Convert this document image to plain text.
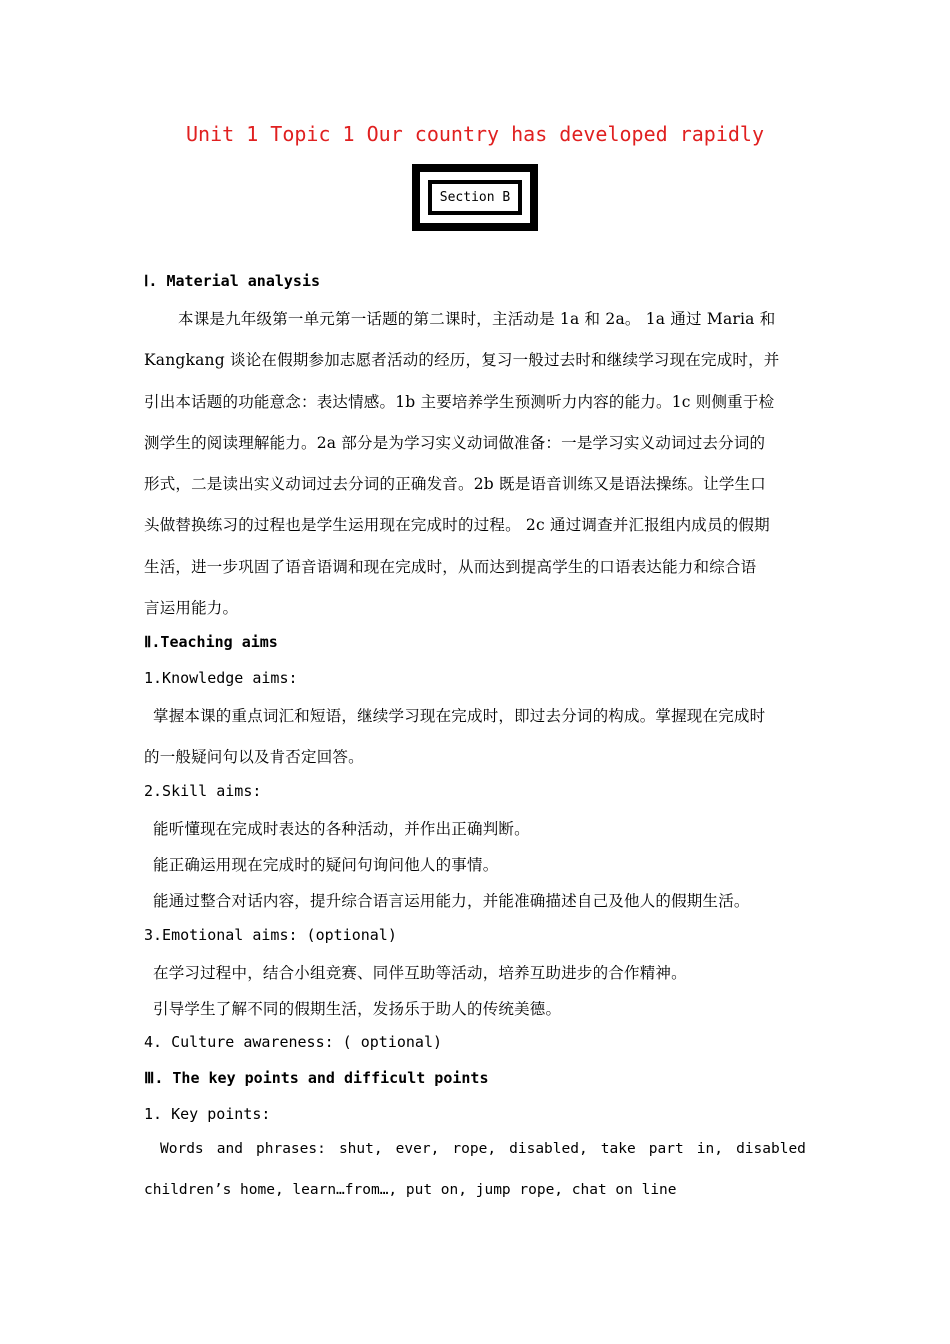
Unit 1 Topic 1 Our country has developed rapidly
Section B
Ⅰ. Material analysis
本课是九年级第一单元第一话题的第二课时，主活动是 1a 和 2a。 1a 通过 Maria 和
Kangkang 谈论在假期参加志愿者活动的经历，复习一般过去时和继续学习现在完成时，并
引出本话题的功能意念：表达情感。1b 主要培养学生预测听力内容的能力。1c 则侧重于检
测学生的阅读理解能力。2a 部分是为学习实义动词做准备：一是学习实义动词过去分词的
形式，二是读出实义动词过去分词的正确发音。2b 既是语音训练又是语法操练。让学生口
头做替换练习的过程也是学生运用现在完成时的过程。 2c 通过调查并汇报组内成员的假期
生活，进一步巩固了语音语调和现在完成时，从而达到提高学生的口语表达能力和综合语
言运用能力。
Ⅱ.Teaching aims
1.Knowledge aims:
掌握本课的重点词汇和短语，继续学习现在完成时，即过去分词的构成。掌握现在完成时
的一般疑问句以及肯否定回答。
2.Skill aims:
能听懂现在完成时表达的各种活动，并作出正确判断。
能正确运用现在完成时的疑问句询问他人的事情。
能通过整合对话内容，提升综合语言运用能力，并能准确描述自己及他人的假期生活。
3.Emotional aims: (optional)
在学习过程中，结合小组竞赛、同伴互助等活动，培养互助进步的合作精神。
引导学生了解不同的假期生活，发扬乐于助人的传统美德。
4. Culture awareness: ( optional)
Ⅲ. The key points and difficult points
1. Key points:
Words and phrases: shut, ever, rope, disabled, take part in, disabled
children’s home, learn…from…, put on, jump rope, chat on line
